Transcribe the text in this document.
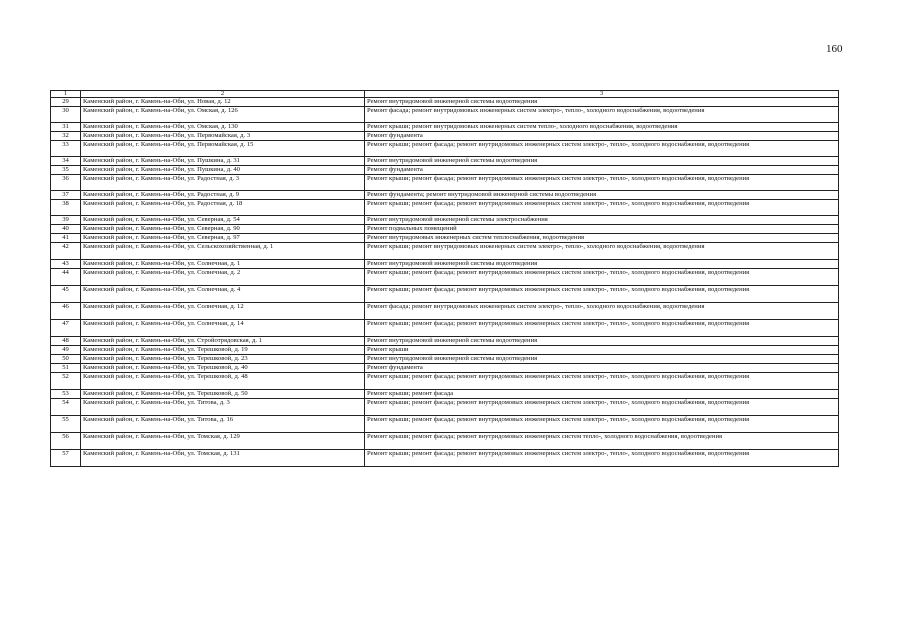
160
1	2	3
29	Каменский район, г. Камень-на-Оби, ул. Новая, д. 12	Ремонт внутридомовой инженерной системы водоотведения
30	Каменский район, г. Камень-на-Оби, ул. Омская, д. 126	Ремонт фасада; ремонт внутридомовых инженерных систем электро-, тепло-, холодного водоснабжения, водоотведения
31	Каменский район, г. Камень-на-Оби, ул. Омская, д. 130	Ремонт крыши; ремонт внутридомовых инженерных систем тепло-, холодного водоснабжения, водоотведения
32	Каменский район, г. Камень-на-Оби, ул. Первомайская, д. 3	Ремонт фундамента
33	Каменский район, г. Камень-на-Оби, ул. Первомайская, д. 15	Ремонт крыши; ремонт фасада; ремонт внутридомовых инженерных систем электро-, тепло-, холодного водоснабжения, водоотведения
34	Каменский район, г. Камень-на-Оби, ул. Пушкина, д. 31	Ремонт внутридомовой инженерной системы водоотведения
35	Каменский район, г. Камень-на-Оби, ул. Пушкина, д. 40	Ремонт фундамента
36	Каменский район, г. Камень-на-Оби, ул. Радостная, д. 3	Ремонт крыши; ремонт фасада; ремонт внутридомовых инженерных систем электро-, тепло-, холодного водоснабжения, водоотведения
37	Каменский район, г. Камень-на-Оби, ул. Радостная, д. 9	Ремонт фундамента; ремонт внутридомовой инженерной системы водоотведения
38	Каменский район, г. Камень-на-Оби, ул. Радостная, д. 18	Ремонт крыши; ремонт фасада; ремонт внутридомовых инженерных систем электро-, тепло-, холодного водоснабжения, водоотведения
39	Каменский район, г. Камень-на-Оби, ул. Северная, д. 54	Ремонт внутридомовой инженерной системы электроснабжения
40	Каменский район, г. Камень-на-Оби, ул. Северная, д. 90	Ремонт подвальных помещений
41	Каменский район, г. Камень-на-Оби, ул. Северная, д. 97	Ремонт внутридомовых инженерных систем теплоснабжения, водоотведения
42	Каменский район, г. Камень-на-Оби, ул. Сельскохозяйственная, д. 1	Ремонт крыши; ремонт внутридомовых инженерных систем электро-, тепло-, холодного водоснабжения, водоотведения
43	Каменский район, г. Камень-на-Оби, ул. Солнечная, д. 1	Ремонт внутридомовой инженерной системы водоотведения
44	Каменский район, г. Камень-на-Оби, ул. Солнечная, д. 2	Ремонт крыши; ремонт фасада; ремонт внутридомовых инженерных систем электро-, тепло-, холодного водоснабжения, водоотведения
45	Каменский район, г. Камень-на-Оби, ул. Солнечная, д. 4	Ремонт крыши; ремонт фасада; ремонт внутридомовых инженерных систем электро-, тепло-, холодного водоснабжения, водоотведения
46	Каменский район, г. Камень-на-Оби, ул. Солнечная, д. 12	Ремонт фасада; ремонт внутридомовых инженерных систем электро-, тепло-, холодного водоснабжения, водоотведения
47	Каменский район, г. Камень-на-Оби, ул. Солнечная, д. 14	Ремонт крыши; ремонт фасада; ремонт внутридомовых инженерных систем электро-, тепло-, холодного водоснабжения, водоотведения
48	Каменский район, г. Камень-на-Оби, ул. Стройотрядовская, д. 1	Ремонт внутридомовой инженерной системы водоотведения
49	Каменский район, г. Камень-на-Оби, ул. Терешковой, д. 19	Ремонт крыши
50	Каменский район, г. Камень-на-Оби, ул. Терешковой, д. 23	Ремонт внутридомовой инженерной системы водоотведения
51	Каменский район, г. Камень-на-Оби, ул. Терешковой, д. 40	Ремонт фундамента
52	Каменский район, г. Камень-на-Оби, ул. Терешковой, д. 48	Ремонт крыши; ремонт фасада; ремонт внутридомовых инженерных систем электро-, тепло-, холодного водоснабжения, водоотведения
53	Каменский район, г. Камень-на-Оби, ул. Терешковой, д. 50	Ремонт крыши; ремонт фасада
54	Каменский район, г. Камень-на-Оби, ул. Титова, д. 3	Ремонт крыши; ремонт фасада; ремонт внутридомовых инженерных систем электро-, тепло-, холодного водоснабжения, водоотведения
55	Каменский район, г. Камень-на-Оби, ул. Титова, д. 16	Ремонт крыши; ремонт фасада; ремонт внутридомовых инженерных систем электро-, тепло-, холодного водоснабжения, водоотведения
56	Каменский район, г. Камень-на-Оби, ул. Томская, д. 129	Ремонт крыши; ремонт фасада; ремонт внутридомовых инженерных систем тепло-, холодного водоснабжения, водоотведения
57	Каменский район, г. Камень-на-Оби, ул. Томская, д. 131	Ремонт крыши; ремонт фасада; ремонт внутридомовых инженерных систем электро-, тепло-, холодного водоснабжения, водоотведения
